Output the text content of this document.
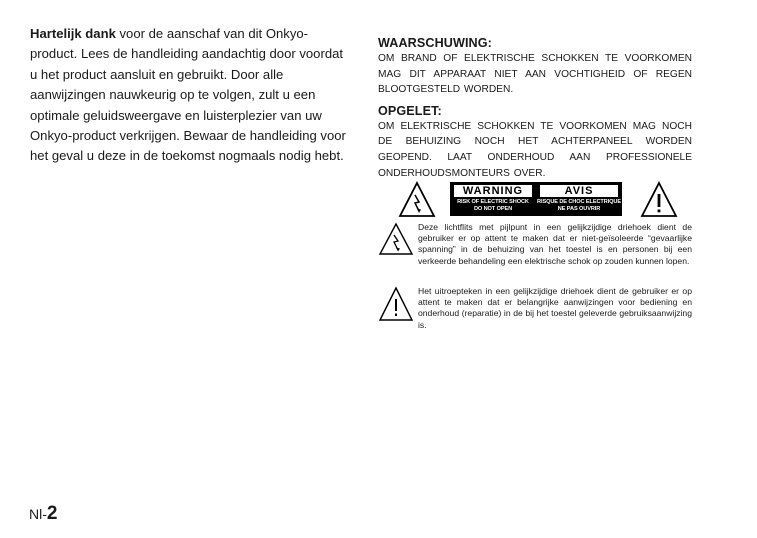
Hartelijk dank voor de aanschaf van dit Onkyo-product. Lees de handleiding aandachtig door voordat u het product aansluit en gebruikt. Door alle aanwijzingen nauwkeurig op te volgen, zult u een optimale geluidsweergave en luisterplezier van uw Onkyo-product verkrijgen. Bewaar de handleiding voor het geval u deze in de toekomst nogmaals nodig hebt.
WAARSCHUWING:

OM BRAND OF ELEKTRISCHE SCHOKKEN TE VOORKOMEN MAG DIT APPARAAT NIET AAN VOCHTIGHEID OF REGEN BLOOTGESTELD WORDEN.

OPGELET:

OM ELEKTRISCHE SCHOKKEN TE VOORKOMEN MAG NOCH DE BEHUIZING NOCH HET ACHTERPANEEL WORDEN GEOPEND. LAAT ONDERHOUD AAN PROFESSIONELE ONDERHOUDSMONTEURS OVER.

WARNING
RISK OF ELECTRIC SHOCK
DO NOT OPEN
AVIS
RISQUE DE CHOC ELECTRIQUE
NE PAS OUVRIR
Deze lichtflits met pijlpunt in een gelijkzijdige driehoek dient de gebruiker er op attent te maken dat er niet-geïsoleerde “gevaarlijke spanning” in de behuizing van het toestel is en personen bij een verkeerde behandeling een elektrische schok op zouden kunnen lopen.
Het uitroepteken in een gelijkzijdige driehoek dient de gebruiker er op attent te maken dat er belangrijke aanwijzingen voor bediening en onderhoud (reparatie) in de bij het toestel geleverde gebruiksaanwijzing is.
Nl-2
